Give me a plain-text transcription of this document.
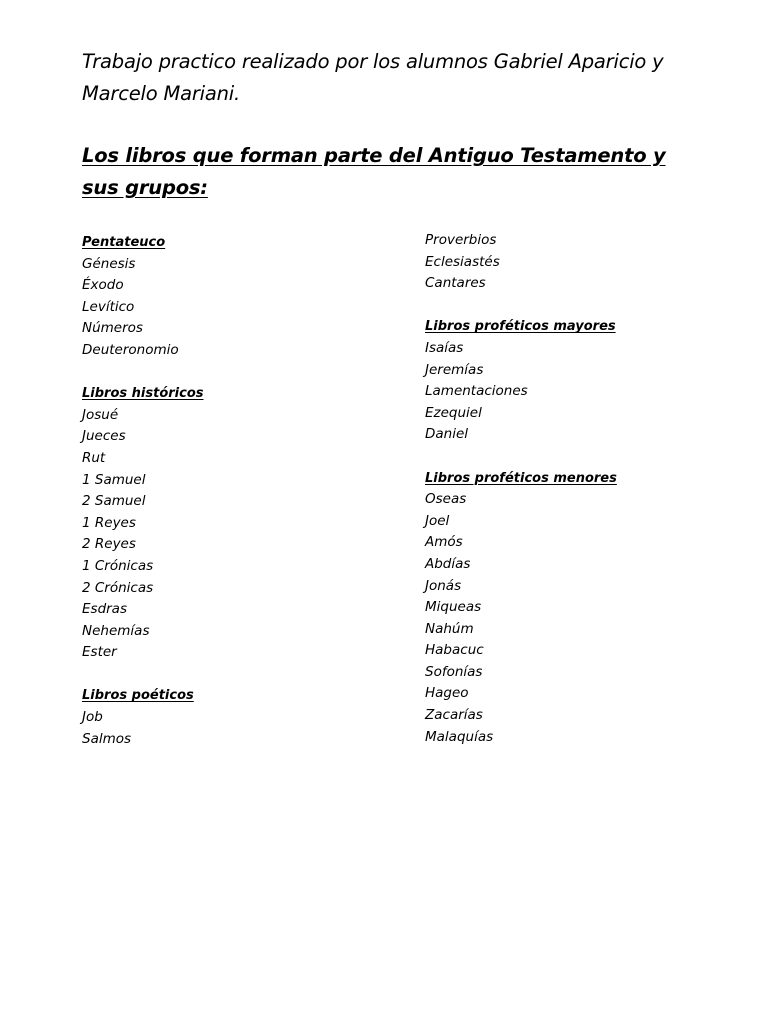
Trabajo practico realizado por los alumnos Gabriel Aparicio y Marcelo Mariani.
Los libros que forman parte del Antiguo Testamento y sus grupos:
Pentateuco
Génesis
Éxodo
Levítico
Números
Deuteronomio
Libros históricos
Josué
Jueces
Rut
1 Samuel
2 Samuel
1 Reyes
2 Reyes
1 Crónicas
2 Crónicas
Esdras
Nehemías
Ester
Libros poéticos
Job
Salmos
Proverbios
Eclesiastés
Cantares
Libros proféticos mayores
Isaías
Jeremías
Lamentaciones
Ezequiel
Daniel
Libros proféticos menores
Oseas
Joel
Amós
Abdías
Jonás
Miqueas
Nahúm
Habacuc
Sofonías
Hageo
Zacarías
Malaquías
